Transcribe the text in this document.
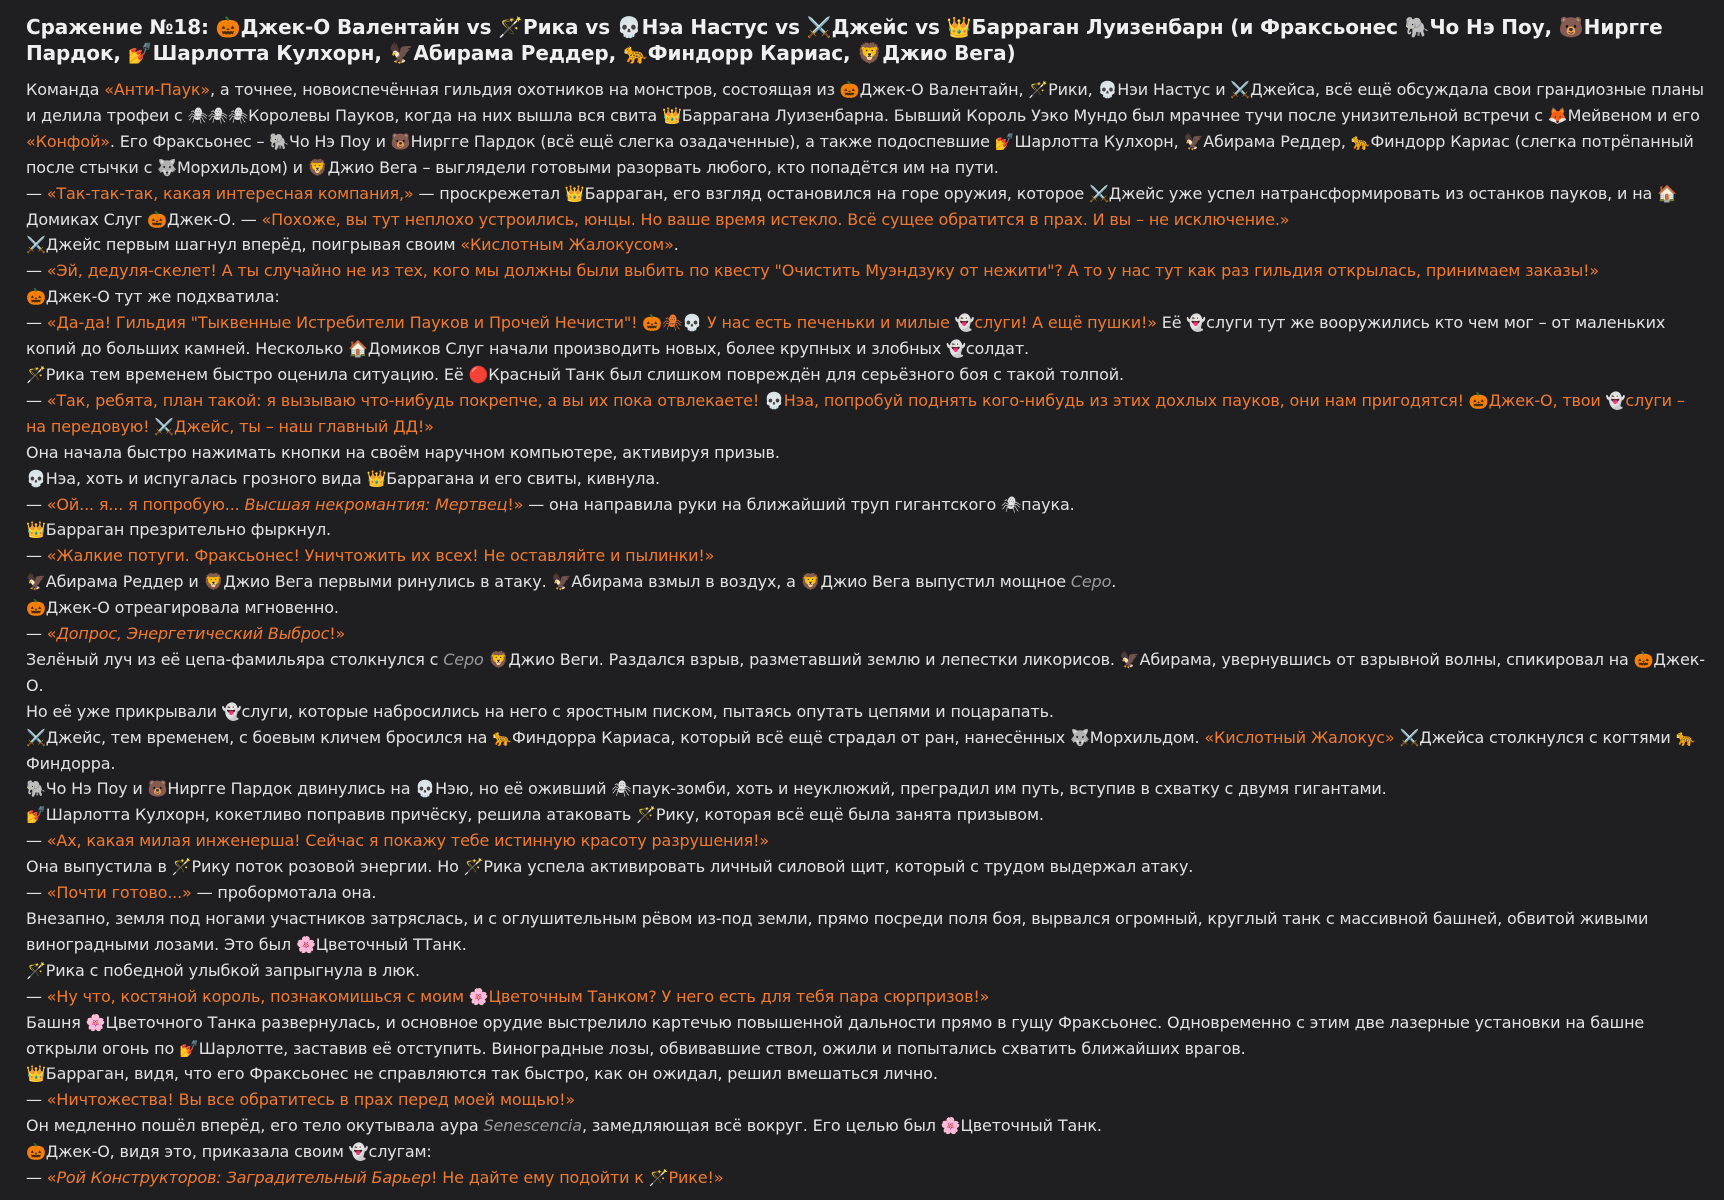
Сражение №18: 🎃Джек-О Валентайн vs 🪄Рика vs 💀Нэа Настус vs ⚔️Джейс vs 👑Барраган Луизенбарн (и Фраксьонес 🐘Чо Нэ Поу, 🐻Ниргге Пардок, 💅Шарлотта Кулхорн, 🦅Абирама Реддер, 🐆Финдорр Кариас, 🦁Джио Вега)

Команда «Анти-Паук», а точнее, новоиспечённая гильдия охотников на монстров, состоящая из 🎃Джек-О Валентайн, 🪄Рики, 💀Нэи Настус и ⚔️Джейса, всё ещё обсуждала свои грандиозные планы и делила трофеи с 🕷🕷🕷Королевы Пауков, когда на них вышла вся свита 👑Барраганa Луизенбарна. Бывший Король Уэко Мундо был мрачнее тучи после унизительной встречи с 🦊Мейвеном и его «Конфой». Его Фраксьонес – 🐘Чо Нэ Поу и 🐻Ниргге Пардок (всё ещё слегка озадаченные), а также подоспевшие 💅Шарлотта Кулхорн, 🦅Абирама Реддер, 🐆Финдорр Кариас (слегка потрёпанный после стычки с 🐺Морхильдом) и 🦁Джио Вега – выглядели готовыми разорвать любого, кто попадётся им на пути.

— «Так-так-так, какая интересная компания,» — проскрежетал 👑Барраган, его взгляд остановился на горе оружия, которое ⚔️Джейс уже успел натрансформировать из останков пауков, и на 🏠Домиках Слуг 🎃Джек-О. — «Похоже, вы тут неплохо устроились, юнцы. Но ваше время истекло. Всё сущее обратится в прах. И вы – не исключение.»

⚔️Джейс первым шагнул вперёд, поигрывая своим «Кислотным Жалокусом».

— «Эй, дедуля-скелет! А ты случайно не из тех, кого мы должны были выбить по квесту "Очистить Муэндзуку от нежити"? А то у нас тут как раз гильдия открылась, принимаем заказы!»

🎃Джек-О тут же подхватила:

— «Да-да! Гильдия "Тыквенные Истребители Пауков и Прочей Нечисти"! 🎃🕷💀 У нас есть печеньки и милые 👻слуги! А ещё пушки!» Её 👻слуги тут же вооружились кто чем мог – от маленьких копий до больших камней. Несколько 🏠Домиков Слуг начали производить новых, более крупных и злобных 👻солдат.

🪄Рика тем временем быстро оценила ситуацию. Её 🔴Красный Танк был слишком повреждён для серьёзного боя с такой толпой.

— «Так, ребята, план такой: я вызываю что-нибудь покрепче, а вы их пока отвлекаете! 💀Нэа, попробуй поднять кого-нибудь из этих дохлых пауков, они нам пригодятся! 🎃Джек-О, твои 👻слуги – на передовую! ⚔️Джейс, ты – наш главный ДД!»

Она начала быстро нажимать кнопки на своём наручном компьютере, активируя призыв.

💀Нэа, хоть и испугалась грозного вида 👑Барраганa и его свиты, кивнула.

— «Ой... я... я попробую... Высшая некромантия: Мертвец!» — она направила руки на ближайший труп гигантского 🕷паука.

👑Барраган презрительно фыркнул.

— «Жалкие потуги. Фраксьонес! Уничтожить их всех! Не оставляйте и пылинки!»

🦅Абирама Реддер и 🦁Джио Вега первыми ринулись в атаку. 🦅Абирама взмыл в воздух, а 🦁Джио Вега выпустил мощное Серо.

🎃Джек-О отреагировала мгновенно.

— «Допрос, Энергетический Выброс!»

Зелёный луч из её цепа-фамильяра столкнулся с Серо 🦁Джио Веги. Раздался взрыв, разметавший землю и лепестки ликорисов. 🦅Абирама, увернувшись от взрывной волны, спикировал на 🎃Джек-О.

Но её уже прикрывали 👻слуги, которые набросились на него с яростным писком, пытаясь опутать цепями и поцарапать.

⚔️Джейс, тем временем, с боевым кличем бросился на 🐆Финдорра Кариаса, который всё ещё страдал от ран, нанесённых 🐺Морхильдом. «Кислотный Жалокус» ⚔️Джейса столкнулся с когтями 🐆Финдорра.

🐘Чо Нэ Поу и 🐻Ниргге Пардок двинулись на 💀Нэю, но её оживший 🕷паук-зомби, хоть и неуклюжий, преградил им путь, вступив в схватку с двумя гигантами.

💅Шарлотта Кулхорн, кокетливо поправив причёску, решила атаковать 🪄Рику, которая всё ещё была занята призывом.

— «Ах, какая милая инженерша! Сейчас я покажу тебе истинную красоту разрушения!»

Она выпустила в 🪄Рику поток розовой энергии. Но 🪄Рика успела активировать личный силовой щит, который с трудом выдержал атаку.

— «Почти готово...» — пробормотала она.

Внезапно, земля под ногами участников затряслась, и с оглушительным рёвом из-под земли, прямо посреди поля боя, вырвался огромный, круглый танк с массивной башней, обвитой живыми виноградными лозами. Это был 🌸Цветочный ТТанк.

🪄Рика с победной улыбкой запрыгнула в люк.

— «Ну что, костяной король, познакомишься с моим 🌸Цветочным Танком? У него есть для тебя пара сюрпризов!»

Башня 🌸Цветочного Танка развернулась, и основное орудие выстрелило картечью повышенной дальности прямо в гущу Фраксьонес. Одновременно с этим две лазерные установки на башне открыли огонь по 💅Шарлотте, заставив её отступить. Виноградные лозы, обвивавшие ствол, ожили и попытались схватить ближайших врагов.

👑Барраган, видя, что его Фраксьонес не справляются так быстро, как он ожидал, решил вмешаться лично.

— «Ничтожества! Вы все обратитесь в прах перед моей мощью!»

Он медленно пошёл вперёд, его тело окутывала аура Senescencia, замедляющая всё вокруг. Его целью был 🌸Цветочный Танк.

🎃Джек-О, видя это, приказала своим 👻слугам:

— «Рой Конструкторов: Заградительный Барьер! Не дайте ему подойти к 🪄Рике!»
